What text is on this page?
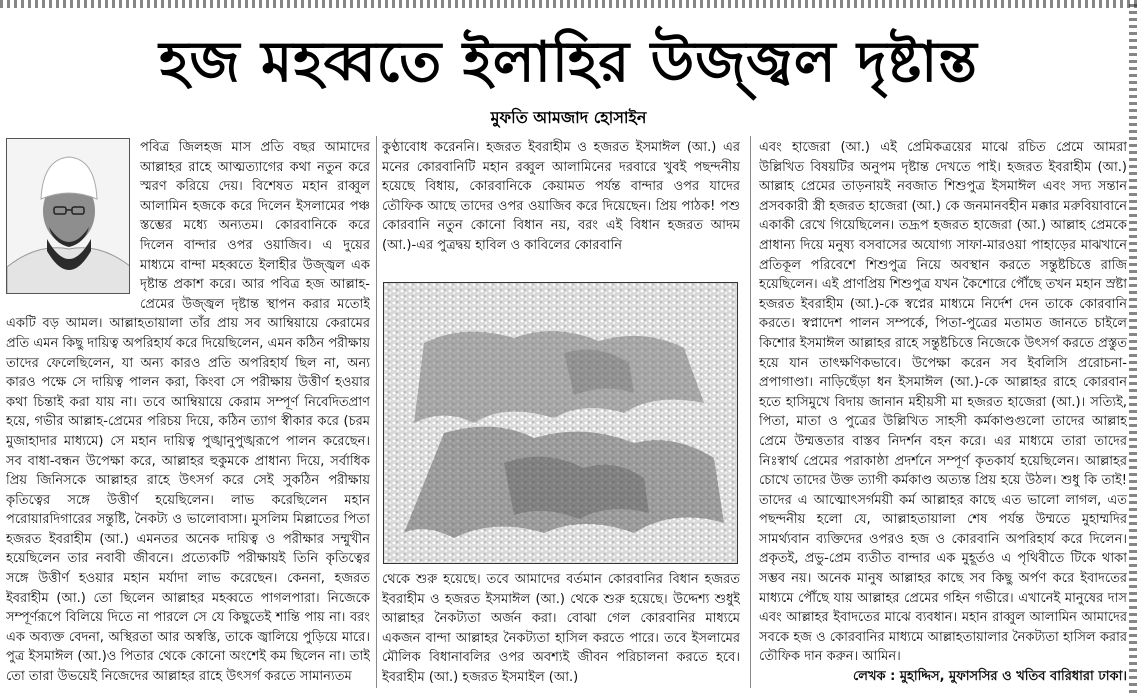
হজ মহব্বতে ইলাহির উজ্জ্বল দৃষ্টান্ত
মুফতি আমজাদ হোসাইন
পবিত্র জিলহজ মাস প্রতি বছর আমাদের আল্লাহর রাহে আত্মত্যাগের কথা নতুন করে স্মরণ করিয়ে দেয়। বিশেষত মহান রাব্বুল আলামিন হজকে করে দিলেন ইসলামের পঞ্চ স্তম্ভের মধ্যে অন্যতম। কোরবানিকে করে দিলেন বান্দার ওপর ওয়াজিব। এ দুয়ের মাধ্যমে বান্দা মহব্বতে ইলাহীর উজ্জ্বল এক দৃষ্টান্ত প্রকাশ করে। আর পবিত্র হজ আল্লাহ-প্রেমের উজ্জ্বল দৃষ্টান্ত স্থাপন করার মতোই একটি বড় আমল। আল্লাহতায়ালা তাঁর প্রায় সব আম্বিয়ায়ে কেরামের প্রতি এমন কিছু দায়িত্ব অপরিহার্য করে দিয়েছিলেন, এমন কঠিন পরীক্ষায় তাদের ফেলেছিলেন, যা অন্য কারও প্রতি অপরিহার্য ছিল না, অন্য কারও পক্ষে সে দায়িত্ব পালন করা, কিংবা সে পরীক্ষায় উত্তীর্ণ হওয়ার কথা চিন্তাই করা যায় না। তবে আম্বিয়ায়ে কেরাম সম্পূর্ণ নিবেদিতপ্রাণ হয়ে, গভীর আল্লাহ-প্রেমের পরিচয় দিয়ে, কঠিন ত্যাগ স্বীকার করে (চরম মুজাহাদার মাধ্যমে) সে মহান দায়িত্ব পুঙ্খানুপুঙ্খরূপে পালন করেছেন। সব বাধা-বন্ধন উপেক্ষা করে, আল্লাহর হুকুমকে প্রাধান্য দিয়ে, সর্বাধিক প্রিয় জিনিসকে আল্লাহর রাহে উৎসর্গ করে সেই সুকঠিন পরীক্ষায় কৃতিত্বের সঙ্গে উত্তীর্ণ হয়েছিলেন। লাভ করেছিলেন মহান পরোয়ারদিগারের সন্তুষ্টি, নৈকট্য ও ভালোবাসা। মুসলিম মিল্লাতের পিতা হজরত ইবরাহীম (আ.) এমনতর অনেক দায়িত্ব ও পরীক্ষার সম্মুখীন হয়েছিলেন তার নবাবী জীবনে। প্রত্যেকটি পরীক্ষায়ই তিনি কৃতিত্বের সঙ্গে উত্তীর্ণ হওয়ার মহান মর্যাদা লাভ করেছেন। কেননা, হজরত ইবরাহীম (আ.) তো ছিলেন আল্লাহর মহব্বতে পাগলপারা। নিজেকে সম্পূর্ণরূপে বিলিয়ে দিতে না পারলে সে যে কিছুতেই শান্তি পায় না। বরং এক অব্যক্ত বেদনা, অস্থিরতা আর অস্বস্তি, তাকে জ্বালিয়ে পুড়িয়ে মারে। পুত্র ইসমাঈল (আ.)ও পিতার থেকে কোনো অংশেই কম ছিলেন না। তাই তো তারা উভয়েই নিজেদের আল্লাহর রাহে উৎসর্গ করতে সামান্যতম
কুণ্ঠাবোধ করেননি। হজরত ইবরাহীম ও হজরত ইসমাঈল (আ.) এর মনের কোরবানিটি মহান রব্বুল আলামিনের দরবারে খুবই পছন্দনীয় হয়েছে বিধায়, কোরবানিকে কেয়ামত পর্যন্ত বান্দার ওপর যাদের তৌফিক আছে তাদের ওপর ওয়াজিব করে দিয়েছেন। প্রিয় পাঠক! পশু কোরবানি নতুন কোনো বিধান নয়, বরং এই বিধান হজরত আদম (আ.)-এর পুত্রদ্বয় হাবিল ও কাবিলের কোরবানি
থেকে শুরু হয়েছে। তবে আমাদের বর্তমান কোরবানির বিধান হজরত ইবরাহীম ও হজরত ইসমাঈল (আ.) থেকে শুরু হয়েছে। উদ্দেশ্য শুধুই আল্লাহর নৈকট্যতা অর্জন করা। বোঝা গেল কোরবানির মাধ্যমে একজন বান্দা আল্লাহর নৈকট্যতা হাসিল করতে পারে। তবে ইসলামের মৌলিক বিধানাবলির ওপর অবশ্যই জীবন পরিচালনা করতে হবে। ইবরাহীম (আ.) হজরত ইসমাইল (আ.)
এবং হাজেরা (আ.) এই প্রেমিকত্রয়ের মাঝে রচিত প্রেমে আমরা উল্লিখিত বিষয়টির অনুপম দৃষ্টান্ত দেখতে পাই। হজরত ইবরাহীম (আ.) আল্লাহ প্রেমের তাড়নায়ই নবজাত শিশুপুত্র ইসমাঈল এবং সদ্য সন্তান প্রসবকারী স্ত্রী হজরত হাজেরা (আ.) কে জনমানবহীন মক্কার মরুবিয়াবানে একাকী রেখে গিয়েছিলেন। তদ্রূপ হজরত হাজেরা (আ.) আল্লাহ প্রেমকে প্রাধান্য দিয়ে মনুষ্য বসবাসের অযোগ্য সাফা-মারওয়া পাহাড়ের মাঝখানে প্রতিকূল পরিবেশে শিশুপুত্র নিয়ে অবস্থান করতে সন্তুষ্টচিত্তে রাজি হয়েছিলেন। এই প্রাণপ্রিয় শিশুপুত্র যখন কৈশোরে পৌঁছে তখন মহান স্রষ্টা হজরত ইবরাহীম (আ.)-কে স্বপ্নের মাধ্যমে নির্দেশ দেন তাকে কোরবানি করতে। স্বপ্নাদেশ পালন সম্পর্কে, পিতা-পুত্রের মতামত জানতে চাইলে কিশোর ইসমাঈল আল্লাহর রাহে সন্তুষ্টচিত্তে নিজেকে উৎসর্গ করতে প্রস্তুত হয়ে যান তাৎক্ষণিকভাবে। উপেক্ষা করেন সব ইবলিসি প্ররোচনা-প্রপাগাণ্ডা। নাড়িছেঁড়া ধন ইসমাঈল (আ.)-কে আল্লাহর রাহে কোরবান হতে হাসিমুখে বিদায় জানান মহীয়সী মা হজরত হাজেরা (আ.)। সত্যিই, পিতা, মাতা ও পুত্রের উল্লিখিত সাহসী কর্মকাণ্ডগুলো তাদের আল্লাহ প্রেমে উম্মত্ততার বাস্তব নিদর্শন বহন করে। এর মাধ্যমে তারা তাদের নিঃস্বার্থ প্রেমের পরাকাষ্ঠা প্রদর্শনে সম্পূর্ণ কৃতকার্য হয়েছিলেন। আল্লাহর চোখে তাদের উক্ত ত্যাগী কর্মকাণ্ড অত্যন্ত প্রিয় হয়ে উঠল। শুধু কি তাই! তাদের এ আত্মোৎসর্গময়ী কর্ম আল্লাহর কাছে এত ভালো লাগল, এত পছন্দনীয় হলো যে, আল্লাহতায়ালা শেষ পর্যন্ত উম্মতে মুহাম্মদির সামর্থ্যবান ব্যক্তিদের ওপরও হজ ও কোরবানি অপরিহার্য করে দিলেন। প্রকৃতই, প্রভু-প্রেম ব্যতীত বান্দার এক মুহূর্তও এ পৃথিবীতে টিকে থাকা সম্ভব নয়। অনেক মানুষ আল্লাহর কাছে সব কিছু অর্পণ করে ইবাদতের মাধ্যমে পৌঁছে যায় আল্লাহর প্রেমের গহিন গভীরে। এখানেই মানুষের দাস এবং আল্লাহর ইবাদতের মাঝে ব্যবধান। মহান রাব্বুল আলামিন আমাদের সবকে হজ ও কোরবানির মাধ্যমে আল্লাহতায়ালার নৈকট্যতা হাসিল করার তৌফিক দান করুন। আমিন।
লেখক : মুহাদ্দিস, মুফাসসির ও খতিব বারিধারা ঢাকা।
